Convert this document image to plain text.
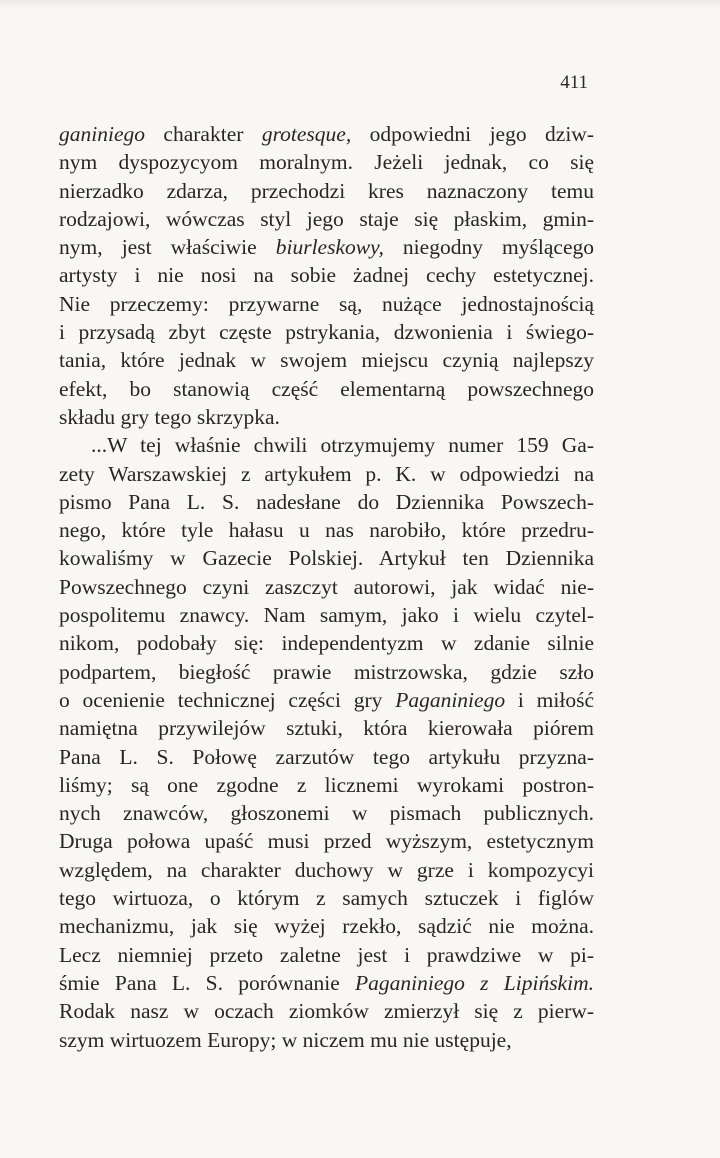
411
ganiniego charakter grotesque, odpowiedni jego dziw-
nym dyspozycyom moralnym. Jeżeli jednak, co się
nierzadko zdarza, przechodzi kres naznaczony temu
rodzajowi, wówczas styl jego staje się płaskim, gmin-
nym, jest właściwie biurleskowy, niegodny myślącego
artysty i nie nosi na sobie żadnej cechy estetycznej.
Nie przeczemy: przywarne są, nużące jednostajnością
i przysadą zbyt częste pstrykania, dzwonienia i świego-
tania, które jednak w swojem miejscu czynią najlepszy
efekt, bo stanowią część elementarną powszechnego
składu gry tego skrzypka.
...W tej właśnie chwili otrzymujemy numer 159 Ga-
zety Warszawskiej z artykułem p. K. w odpowiedzi na
pismo Pana L. S. nadesłane do Dziennika Powszech-
nego, które tyle hałasu u nas narobiło, które przedru-
kowaliśmy w Gazecie Polskiej. Artykuł ten Dziennika
Powszechnego czyni zaszczyt autorowi, jak widać nie-
pospolitemu znawcy. Nam samym, jako i wielu czytel-
nikom, podobały się: independentyzm w zdanie silnie
podpartem, biegłość prawie mistrzowska, gdzie szło
o ocenienie technicznej części gry Paganiniego i miłość
namiętna przywilejów sztuki, która kierowała piórem
Pana L. S. Połowę zarzutów tego artykułu przyzna-
liśmy; są one zgodne z licznemi wyrokami postron-
nych znawców, głoszonemi w pismach publicznych.
Druga połowa upaść musi przed wyższym, estetycznym
względem, na charakter duchowy w grze i kompozycyi
tego wirtuoza, o którym z samych sztuczek i figlów
mechanizmu, jak się wyżej rzekło, sądzić nie można.
Lecz niemniej przeto zaletne jest i prawdziwe w pi-
śmie Pana L. S. porównanie Paganiniego z Lipińskim.
Rodak nasz w oczach ziomków zmierzył się z pierw-
szym wirtuozem Europy; w niczem mu nie ustępuje,
